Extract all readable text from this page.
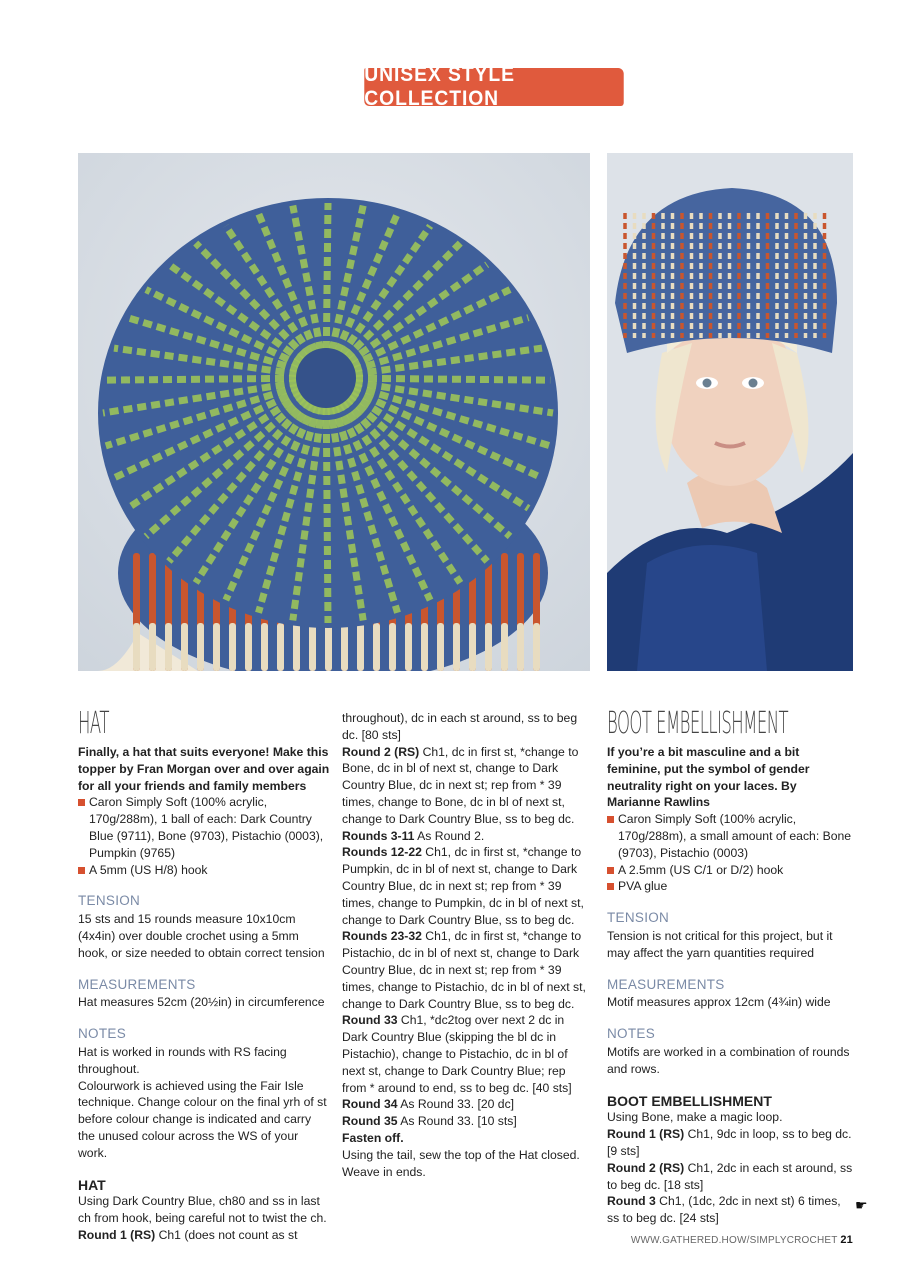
UNISEX STYLE COLLECTION
HAT

Finally, a hat that suits everyone! Make this topper by Fran Morgan over and over again for all your friends and family members

Caron Simply Soft (100% acrylic, 170g/288m), 1 ball of each: Dark Country Blue (9711), Bone (9703), Pistachio (0003), Pumpkin (9765)
A 5mm (US H/8) hook
TENSION

15 sts and 15 rounds measure 10x10cm (4x4in) over double crochet using a 5mm hook, or size needed to obtain correct tension

MEASUREMENTS

Hat measures 52cm (20½in) in circumference

NOTES

Hat is worked in rounds with RS facing throughout.

Colourwork is achieved using the Fair Isle technique. Change colour on the final yrh of st before colour change is indicated and carry the unused colour across the WS of your work.

HAT

Using Dark Country Blue, ch80 and ss in last ch from hook, being careful not to twist the ch.

Round 1 (RS) Ch1 (does not count as st

throughout), dc in each st around, ss to beg dc. [80 sts]

Round 2 (RS) Ch1, dc in first st, *change to Bone, dc in bl of next st, change to Dark Country Blue, dc in next st; rep from * 39 times, change to Bone, dc in bl of next st, change to Dark Country Blue, ss to beg dc.

Rounds 3-11 As Round 2.

Rounds 12-22 Ch1, dc in first st, *change to Pumpkin, dc in bl of next st, change to Dark Country Blue, dc in next st; rep from * 39 times, change to Pumpkin, dc in bl of next st, change to Dark Country Blue, ss to beg dc.

Rounds 23-32 Ch1, dc in first st, *change to Pistachio, dc in bl of next st, change to Dark Country Blue, dc in next st; rep from * 39 times, change to Pistachio, dc in bl of next st, change to Dark Country Blue, ss to beg dc.

Round 33 Ch1, *dc2tog over next 2 dc in Dark Country Blue (skipping the bl dc in Pistachio), change to Pistachio, dc in bl of next st, change to Dark Country Blue; rep from * around to end, ss to beg dc. [40 sts]

Round 34 As Round 33. [20 dc]

Round 35 As Round 33. [10 sts]

Fasten off.

Using the tail, sew the top of the Hat closed. Weave in ends.

BOOT EMBELLISHMENT

If you’re a bit masculine and a bit feminine, put the symbol of gender neutrality right on your laces. By Marianne Rawlins

Caron Simply Soft (100% acrylic, 170g/288m), a small amount of each: Bone (9703), Pistachio (0003)
A 2.5mm (US C/1 or D/2) hook
PVA glue
TENSION

Tension is not critical for this project, but it may affect the yarn quantities required

MEASUREMENTS

Motif measures approx 12cm (4¾in) wide

NOTES

Motifs are worked in a combination of rounds and rows.

BOOT EMBELLISHMENT

Using Bone, make a magic loop.

Round 1 (RS) Ch1, 9dc in loop, ss to beg dc. [9 sts]

Round 2 (RS) Ch1, 2dc in each st around, ss to beg dc. [18 sts]

Round 3 Ch1, (1dc, 2dc in next st) 6 times, ss to beg dc. [24 sts]

☛
WWW.GATHERED.HOW/SIMPLYCROCHET 21
